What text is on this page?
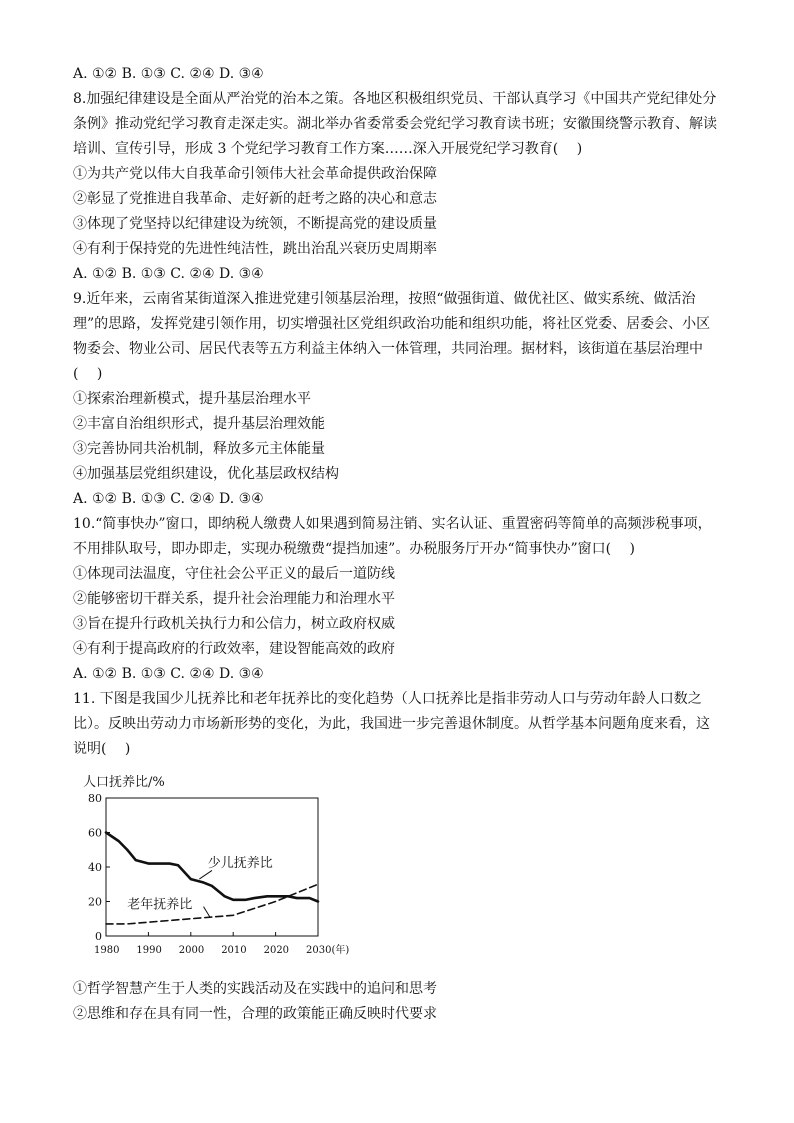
A. ①② B. ①③ C. ②④ D. ③④
8.加强纪律建设是全面从严治党的治本之策。各地区积极组织党员、干部认真学习《中国共产党纪律处分条例》推动党纪学习教育走深走实。湖北举办省委常委会党纪学习教育读书班；安徽围绕警示教育、解读培训、宣传引导，形成 3 个党纪学习教育工作方案……深入开展党纪学习教育(　 )
①为共产党以伟大自我革命引领伟大社会革命提供政治保障
②彰显了党推进自我革命、走好新的赶考之路的决心和意志
③体现了党坚持以纪律建设为统领，不断提高党的建设质量
④有利于保持党的先进性纯洁性，跳出治乱兴衰历史周期率
A. ①② B. ①③ C. ②④ D. ③④
9.近年来，云南省某街道深入推进党建引领基层治理，按照“做强街道、做优社区、做实系统、做活治理”的思路，发挥党建引领作用，切实增强社区党组织政治功能和组织功能，将社区党委、居委会、小区物委会、物业公司、居民代表等五方利益主体纳入一体管理，共同治理。据材料，该街道在基层治理中
(　 )
①探索治理新模式，提升基层治理水平
②丰富自治组织形式，提升基层治理效能
③完善协同共治机制，释放多元主体能量
④加强基层党组织建设，优化基层政权结构
A. ①② B. ①③ C. ②④ D. ③④
10.“简事快办”窗口，即纳税人缴费人如果遇到简易注销、实名认证、重置密码等简单的高频涉税事项，不用排队取号，即办即走，实现办税缴费“提挡加速”。办税服务厅开办“简事快办”窗口(　 )
①体现司法温度，守住社会公平正义的最后一道防线
②能够密切干群关系，提升社会治理能力和治理水平
③旨在提升行政机关执行力和公信力，树立政府权威
④有利于提高政府的行政效率，建设智能高效的政府
A. ①② B. ①③ C. ②④ D. ③④
11. 下图是我国少儿抚养比和老年抚养比的变化趋势（人口抚养比是指非劳动人口与劳动年龄人口数之比）。反映出劳动力市场新形势的变化，为此，我国进一步完善退休制度。从哲学基本问题角度来看，这说明(　 )
人口抚养比/%
0
20
40
60
80
1980 1990 2000 2010 2020 2030(年)
少儿抚养比
老年抚养比
①哲学智慧产生于人类的实践活动及在实践中的追问和思考
②思维和存在具有同一性，合理的政策能正确反映时代要求
